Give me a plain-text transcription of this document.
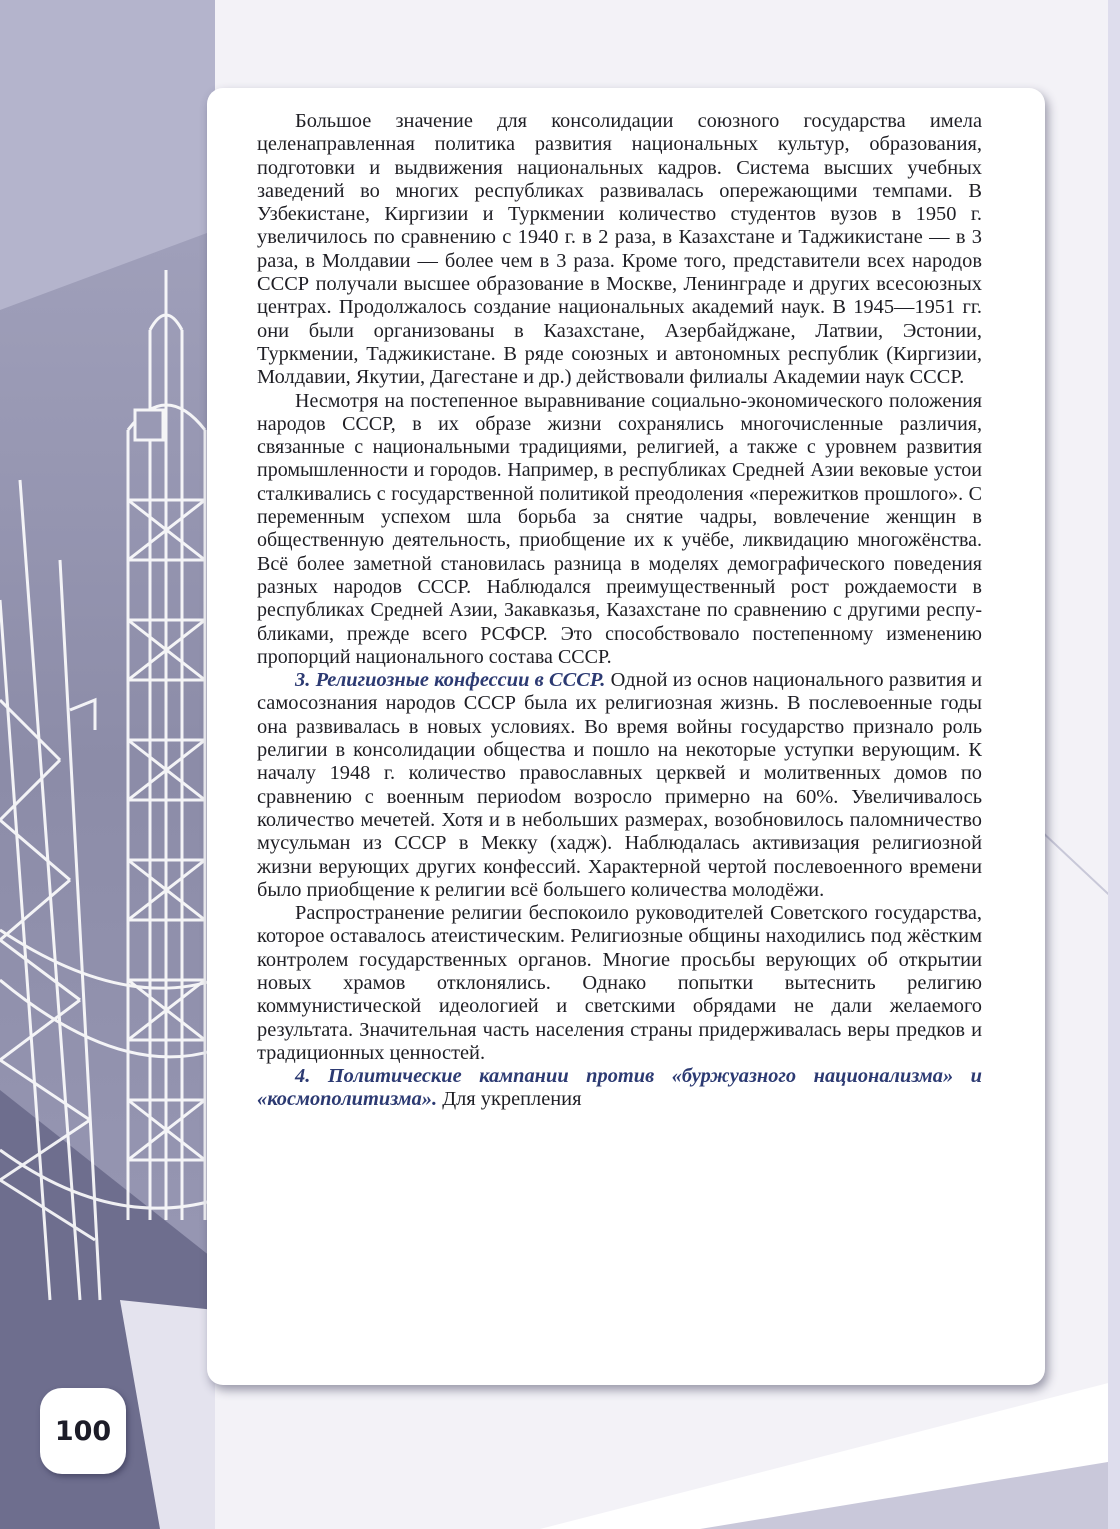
Большое значение для консолидации союзного государства имела целенаправленная политика развития национальных культур, образования, подготовки и выдвижения национальных кадров. Система высших учебных заведений во многих республиках развивалась опережающими темпами. В Узбекистане, Киргизии и Туркмении количество студентов вузов в 1950 г. увеличилось по сравнению с 1940 г. в 2 раза, в Казахстане и Таджикистане — в 3 раза, в Молдавии — более чем в 3 раза. Кроме того, представители всех народов СССР получали высшее образование в Москве, Ленинграде и других всесоюзных центрах. Продолжалось создание национальных академий наук. В 1945—1951 гг. они были организованы в Казахстане, Азербайджане, Латвии, Эстонии, Туркмении, Таджикистане. В ряде союзных и автономных республик (Киргизии, Молдавии, Якутии, Дагестане и др.) действовали филиалы Академии наук СССР.

Несмотря на постепенное выравнивание социально-экономического положения народов СССР, в их образе жизни сохранялись многочисленные различия, связанные с национальными традициями, религией, а также с уровнем развития промышленности и городов. Например, в республиках Средней Азии вековые устои сталкивались с государственной политикой преодоления «пережитков прошлого». С переменным успехом шла борьба за снятие чадры, вовлечение женщин в общественную деятельность, приобщение их к учёбе, ликвидацию многожёнства. Всё более заметной становилась разница в моделях демографического поведения разных народов СССР. Наблюдался преимущественный рост рождаемости в республиках Средней Азии, Закавказья, Казахстане по сравнению с другими республиками, прежде всего РСФСР. Это способствовало постепенному изменению пропорций национального состава СССР.

3. Религиозные конфессии в СССР. Одной из основ национального развития и самосознания народов СССР была их религиозная жизнь. В послевоенные годы она развивалась в новых условиях. Во время войны государство признало роль религии в консолидации общества и пошло на некоторые уступки верующим. К началу 1948 г. количество православных церквей и молитвенных домов по сравнению с военным периоdом возросло примерно на 60%. Увеличивалось количество мечетей. Хотя и в небольших размерах, возобновилось паломничество мусульман из СССР в Мекку (хадж). Наблюдалась активизация религиозной жизни верующих других конфессий. Характерной чертой послевоенного времени было приобщение к религии всё большего количества молодёжи.

Распространение религии беспокоило руководителей Советского государства, которое оставалось атеистическим. Религиозные общины находились под жёстким контролем государственных органов. Многие просьбы верующих об открытии новых храмов отклонялись. Однако попытки вытеснить религию коммунистической идеологией и светскими обрядами не дали желаемого результата. Значительная часть населения страны придерживалась веры предков и традиционных ценностей.

4. Политические кампании против «буржуазного национализма» и «космополитизма». Для укрепления

100
